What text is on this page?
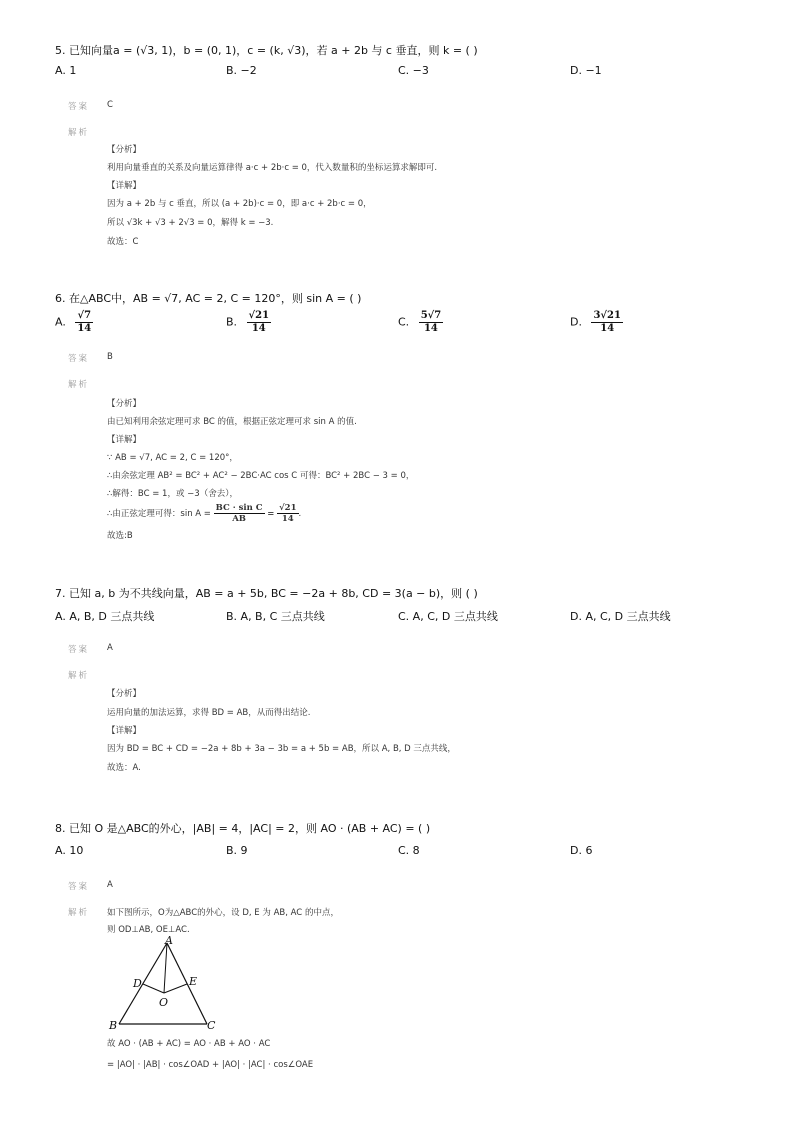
5. 已知向量a = (√3, 1)，b = (0, 1)，c = (k, √3)，若 a + 2b 与 c 垂直，则 k = ( )
A. 1	B. −2	C. −3	D. −1
答案 C
解析
【分析】
利用向量垂直的关系及向量运算律得 a·c + 2b·c = 0，代入数量积的坐标运算求解即可.
【详解】
因为 a + 2b 与 c 垂直，所以 (a + 2b)·c = 0，即 a·c + 2b·c = 0，
所以 √3k + √3 + 2√3 = 0，解得 k = −3.
故选：C
6. 在△ABC中，AB = √7, AC = 2, C = 120°，则 sin A = ( )
A. $\frac{√7}{14}$	B. $\frac{√21}{14}$	C. $\frac{5√7}{14}$	D. $\frac{3√21}{14}$
答案 B
解析
【分析】
由已知利用余弦定理可求 BC 的值，根据正弦定理可求 sin A 的值.
【详解】
∵ AB = √7, AC = 2, C = 120°，
∴由余弦定理 AB² = BC² + AC² − 2BC·AC cos C 可得：BC² + 2BC − 3 = 0，
∴解得：BC = 1，或 −3（舍去），
∴由正弦定理可得：$\sin A = \frac{\text{BC · sin C}}{AB} = \frac{√21}{14}$ .
故选:B
7. 已知 a, b 为不共线向量，AB = a + 5b, BC = −2a + 8b, CD = 3(a − b)，则 ( )
A. A, B, D 三点共线	B. A, B, C 三点共线	C. A, C, D 三点共线	D. A, C, D 三点共线
答案 A
解析
【分析】
运用向量的加法运算，求得 BD = AB，从而得出结论.
【详解】
因为 BD = BC + CD = −2a + 8b + 3a − 3b = a + 5b = AB，所以 A, B, D 三点共线，
故选：A.
8. 已知 O 是△ABC的外心，|AB| = 4，|AC| = 2，则 AO · (AB + AC) = ( )
A. 10	B. 9	C. 8	D. 6
答案 A
解析 如下图所示，O为△ABC的外心，设 D, E 为 AB, AC 的中点，
则 OD⊥AB, OE⊥AC.
A
B	C
D	E
O
故 AO · (AB + AC) = AO · AB + AO · AC
= |AO| · |AB| · cos∠OAD + |AO| · |AC| · cos∠OAE
